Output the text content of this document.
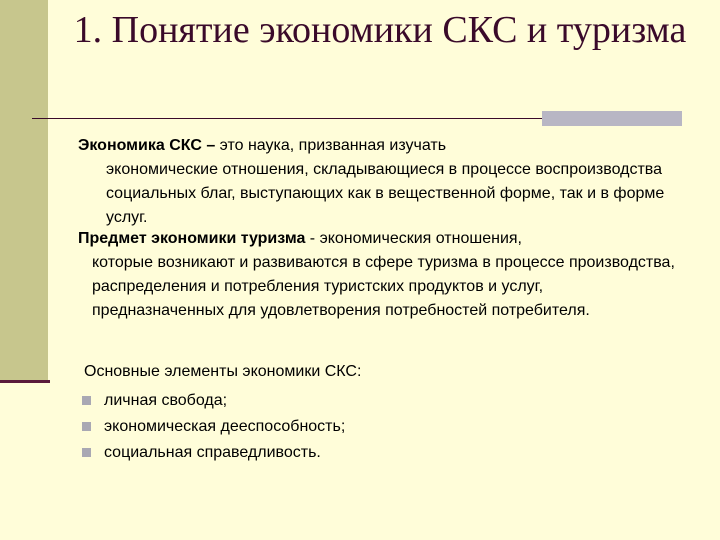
1. Понятие экономики СКС и туризма
Экономика СКС – это наука, призванная изучать
экономические отношения, складывающиеся в процессе воспроизводства социальных благ, выступающих как в вещественной форме, так и в форме услуг.
Предмет экономики туризма - экономическия отношения,
которые возникают и развиваются в сфере туризма в процессе производства, распределения и потребления туристских продуктов и услуг, предназначенных для удовлетворения потребностей потребителя.
Основные элементы экономики СКС:
личная свобода;
экономическая дееспособность;
социальная справедливость.
